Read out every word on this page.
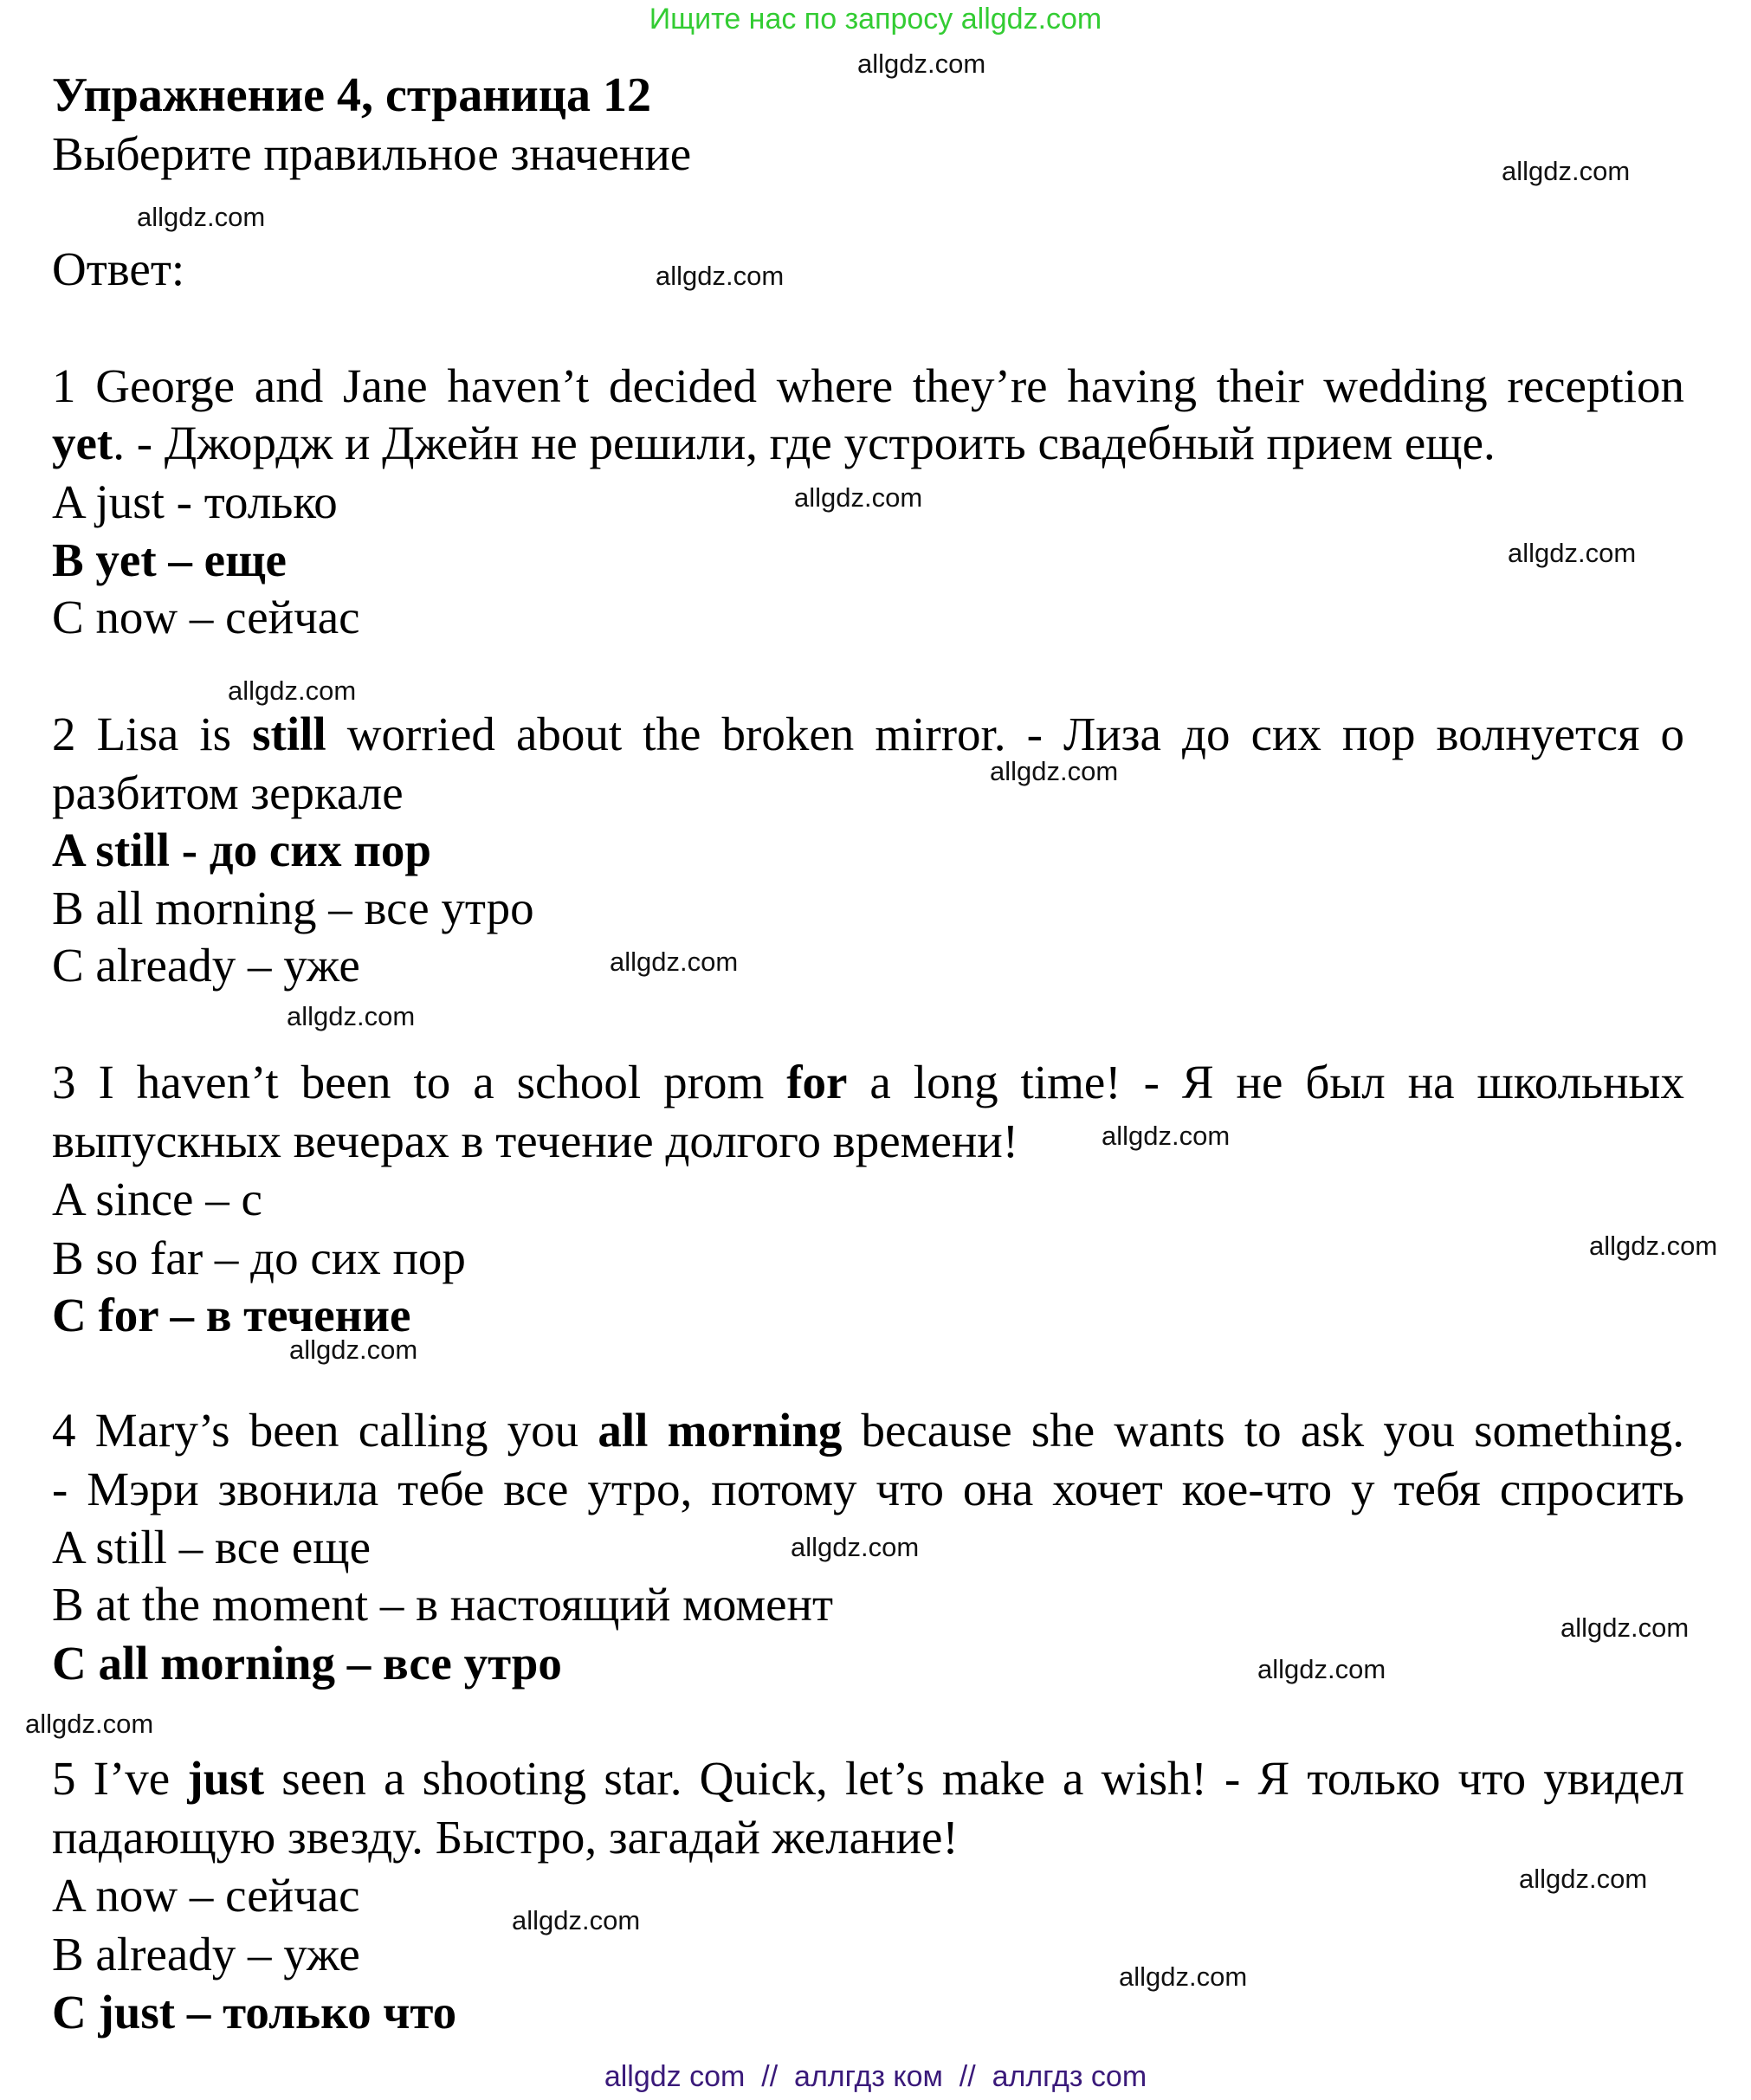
Ищите нас по запросу allgdz.com
Упражнение 4, страница 12
Выберите правильное значение
Ответ:
1 George and Jane haven’t decided where they’re having their wedding reception
yet. - Джордж и Джейн не решили, где устроить свадебный прием еще.
A just - только
B yet – еще
C now – сейчас
2 Lisa is still worried about the broken mirror. - Лиза до сих пор волнуется о
разбитом зеркале
A still - до сих пор
B all morning – все утро
C already – уже
3 I haven’t been to a school prom for a long time! - Я не был на школьных
выпускных вечерах в течение долгого времени!
A since – с
B so far – до сих пор
C for – в течение
4 Mary’s been calling you all morning because she wants to ask you something.
- Мэри звонила тебе все утро, потому что она хочет кое-что у тебя спросить
A still – все еще
B at the moment – в настоящий момент
C all morning – все утро
5 I’ve just seen a shooting star. Quick, let’s make a wish! - Я только что увидел
падающую звезду. Быстро, загадай желание!
A now – сейчас
B already – уже
C just – только что
allgdz.com
allgdz.com
allgdz.com
allgdz.com
allgdz.com
allgdz.com
allgdz.com
allgdz.com
allgdz.com
allgdz.com
allgdz.com
allgdz.com
allgdz.com
allgdz.com
allgdz.com
allgdz.com
allgdz.com
allgdz.com
allgdz.com
allgdz.com
allgdz com  //  аллгдз ком  //  аллгдз com
